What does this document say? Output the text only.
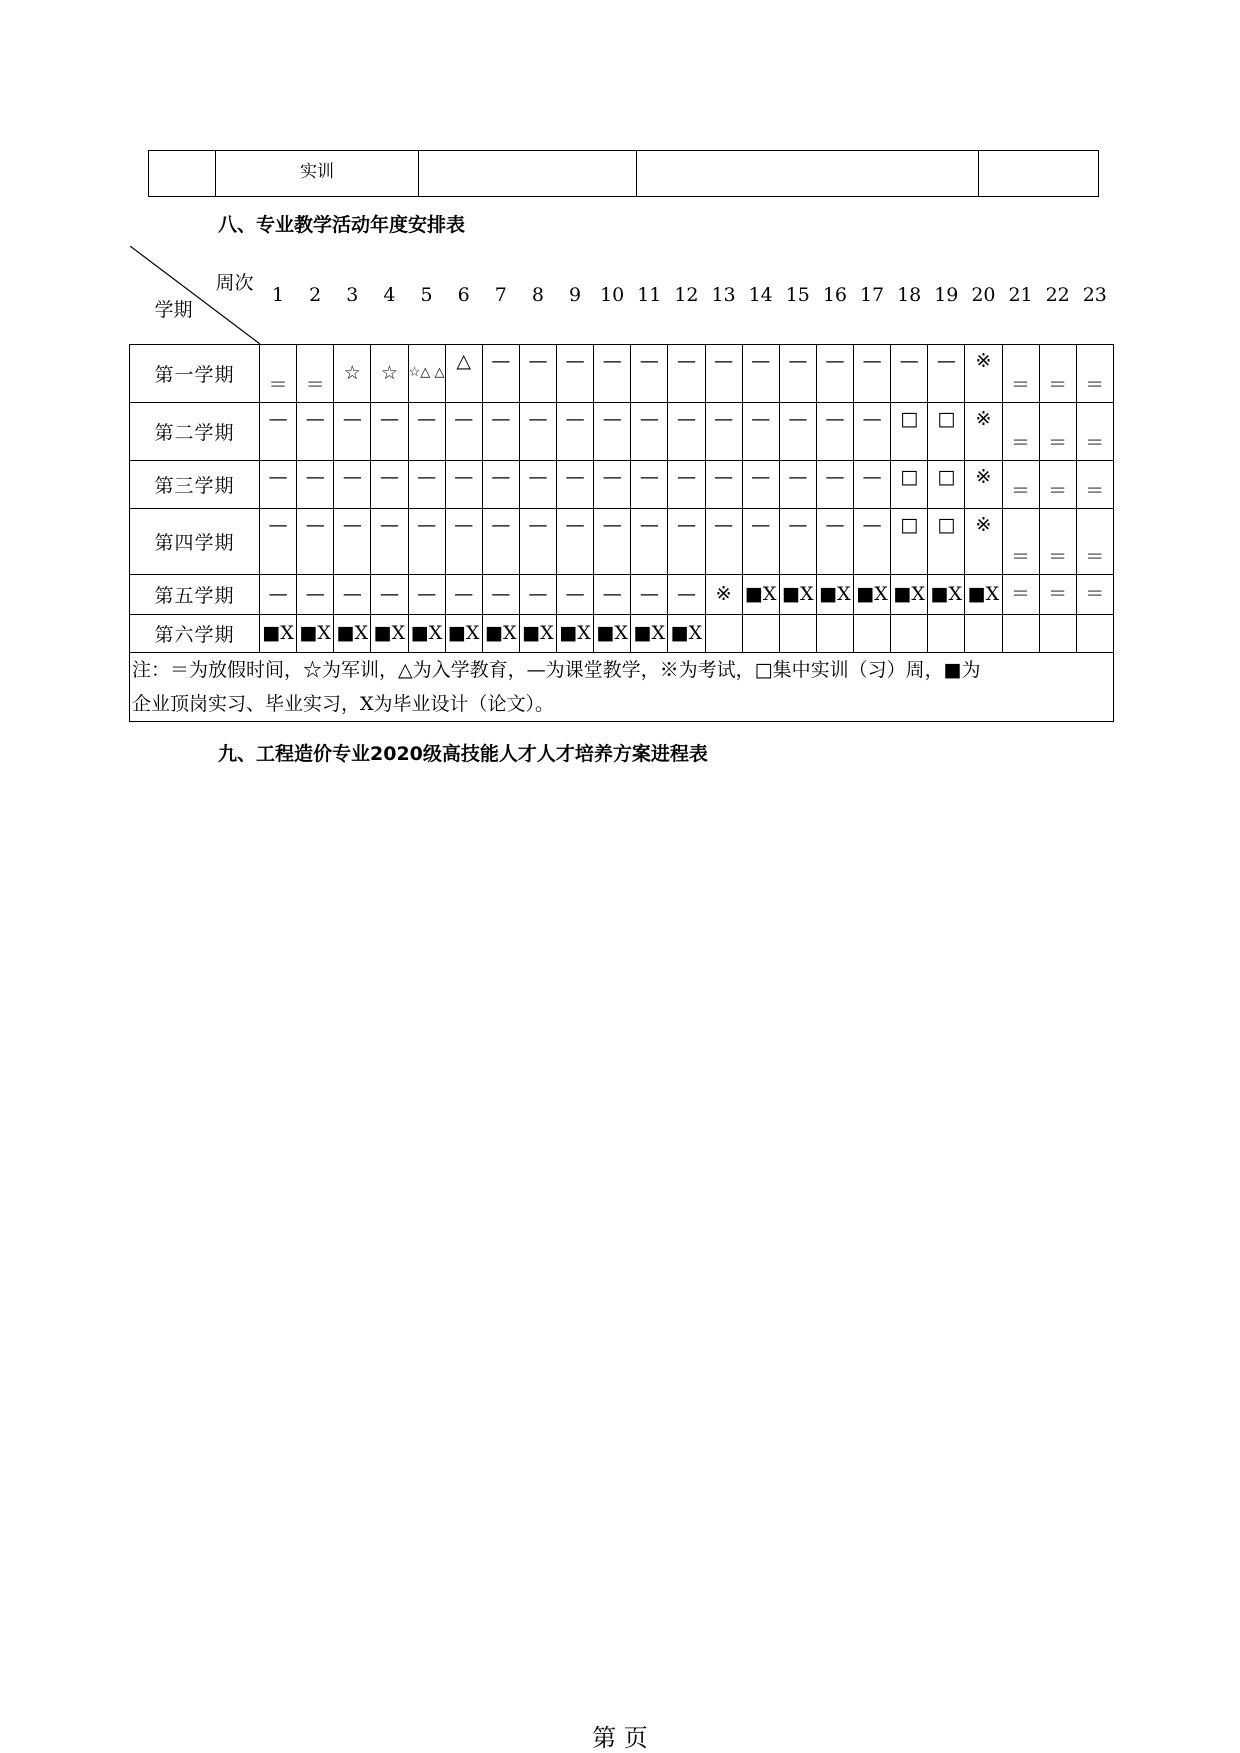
	实训			
八、专业教学活动年度安排表
周次
学期	1	2	3	4	5	6	7	8	9	10	11	12	13	14	15	16	17	18	19	20	21	22	23
第一学期	＝	＝	☆	☆	☆△ △	△	—	—	—	—	—	—	—	—	—	—	—	—	—	※	＝	＝	＝
第二学期	—	—	—	—	—	—	—	—	—	—	—	—	—	—	—	—	—	□	□	※	＝	＝	＝
第三学期	—	—	—	—	—	—	—	—	—	—	—	—	—	—	—	—	—	□	□	※	＝	＝	＝
第四学期	—	—	—	—	—	—	—	—	—	—	—	—	—	—	—	—	—	□	□	※	＝	＝	＝
第五学期	—	—	—	—	—	—	—	—	—	—	—	—	※	■X	■X	■X	■X	■X	■X	■X	＝	＝	＝
第六学期	■X	■X	■X	■X	■X	■X	■X	■X	■X	■X	■X	■X											

注：＝为放假时间，☆为军训，△为入学教育，—为课堂教学，※为考试，□集中实训（习）周，■为
企业顶岗实习、毕业实习，X为毕业设计（论文）。																							
九、工程造价专业2020级高技能人才人才培养方案进程表
第 页
